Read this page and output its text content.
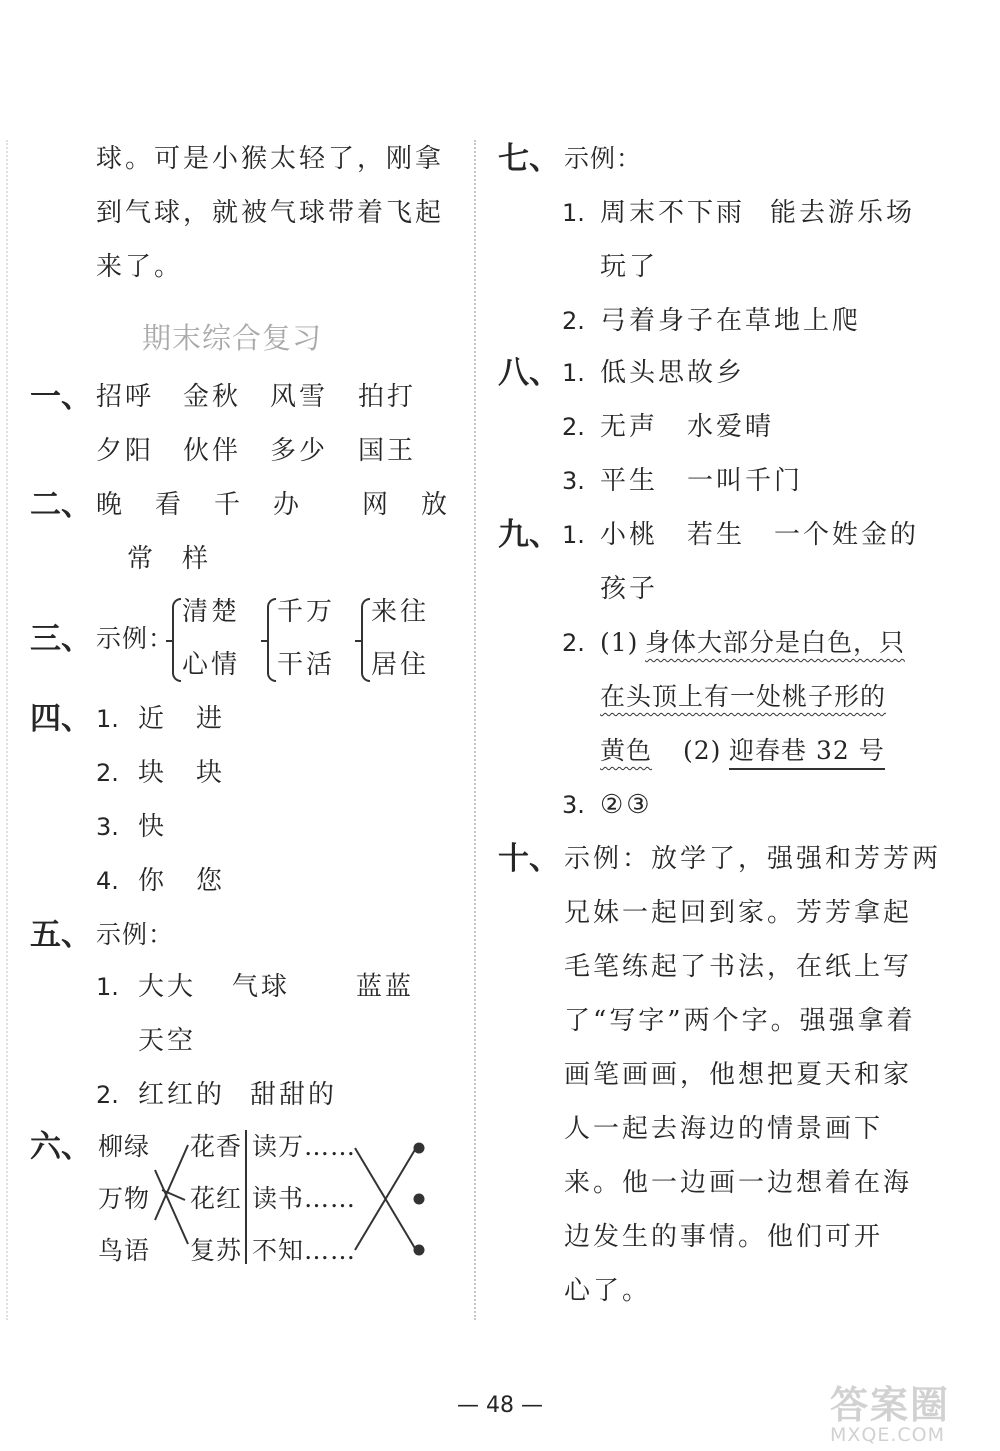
球。可是小猴太轻了，刚拿
到气球，就被气球带着飞起
来了。
期末综合复习
一、 招呼 金秋 风雪 拍打
夕阳 伙伴 多少 国王
二、 晚 看 千 办 网 放
常 样
三、 示例：
清楚
心情
千万
干活
来往
居住
四、 1. 近　进
2. 块　块
3. 快
4. 你　您
五、 示例：
1. 大大 气球	蓝蓝
天空
2. 红红的 甜甜的
六、 柳绿
万物
鸟语
花香
花红
复苏
读万……
读书……
不知……
七、 示例：
1. 周末不下雨 能去游乐场
玩了
2. 弓着身子在草地上爬
八、 1. 低头思故乡
2. 无声　水爱晴
3. 平生　一叫千门
九、 1. 小桃　若生　一个姓金的
孩子
2. (1) 身体大部分是白色，只
在头顶上有一处桃子形的
黄色 (2) 迎春巷 32 号
3. ②③
十、 示例：放学了，强强和芳芳两
兄妹一起回到家。芳芳拿起
毛笔练起了书法，在纸上写
了“写字”两个字。强强拿着
画笔画画，他想把夏天和家
人一起去海边的情景画下
来。他一边画一边想着在海
边发生的事情。他们可开
心了。
— 48 —	答案圈
MXQE.COM
